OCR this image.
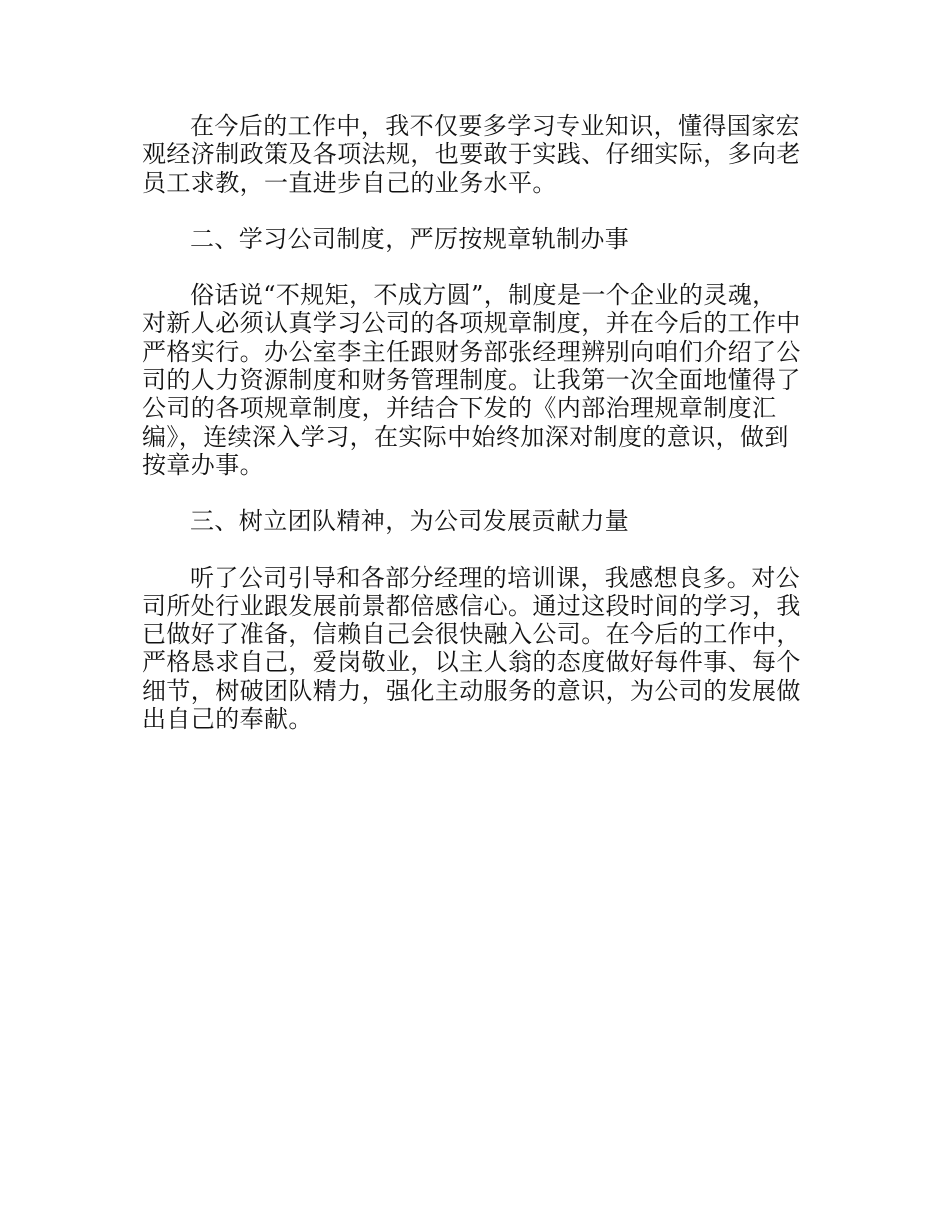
在今后的工作中，我不仅要多学习专业知识，懂得国家宏
观经济制政策及各项法规，也要敢于实践、仔细实际，多向老
员工求教，一直进步自己的业务水平。
二、学习公司制度，严厉按规章轨制办事
俗话说“不规矩，不成方圆”，制度是一个企业的灵魂，
对新人必须认真学习公司的各项规章制度，并在今后的工作中
严格实行。办公室李主任跟财务部张经理辨别向咱们介绍了公
司的人力资源制度和财务管理制度。让我第一次全面地懂得了
公司的各项规章制度，并结合下发的《内部治理规章制度汇
编》，连续深入学习，在实际中始终加深对制度的意识，做到
按章办事。
三、树立团队精神，为公司发展贡献力量
听了公司引导和各部分经理的培训课，我感想良多。对公
司所处行业跟发展前景都倍感信心。通过这段时间的学习，我
已做好了准备，信赖自己会很快融入公司。在今后的工作中，
严格恳求自己，爱岗敬业，以主人翁的态度做好每件事、每个
细节，树破团队精力，强化主动服务的意识，为公司的发展做
出自己的奉献。
